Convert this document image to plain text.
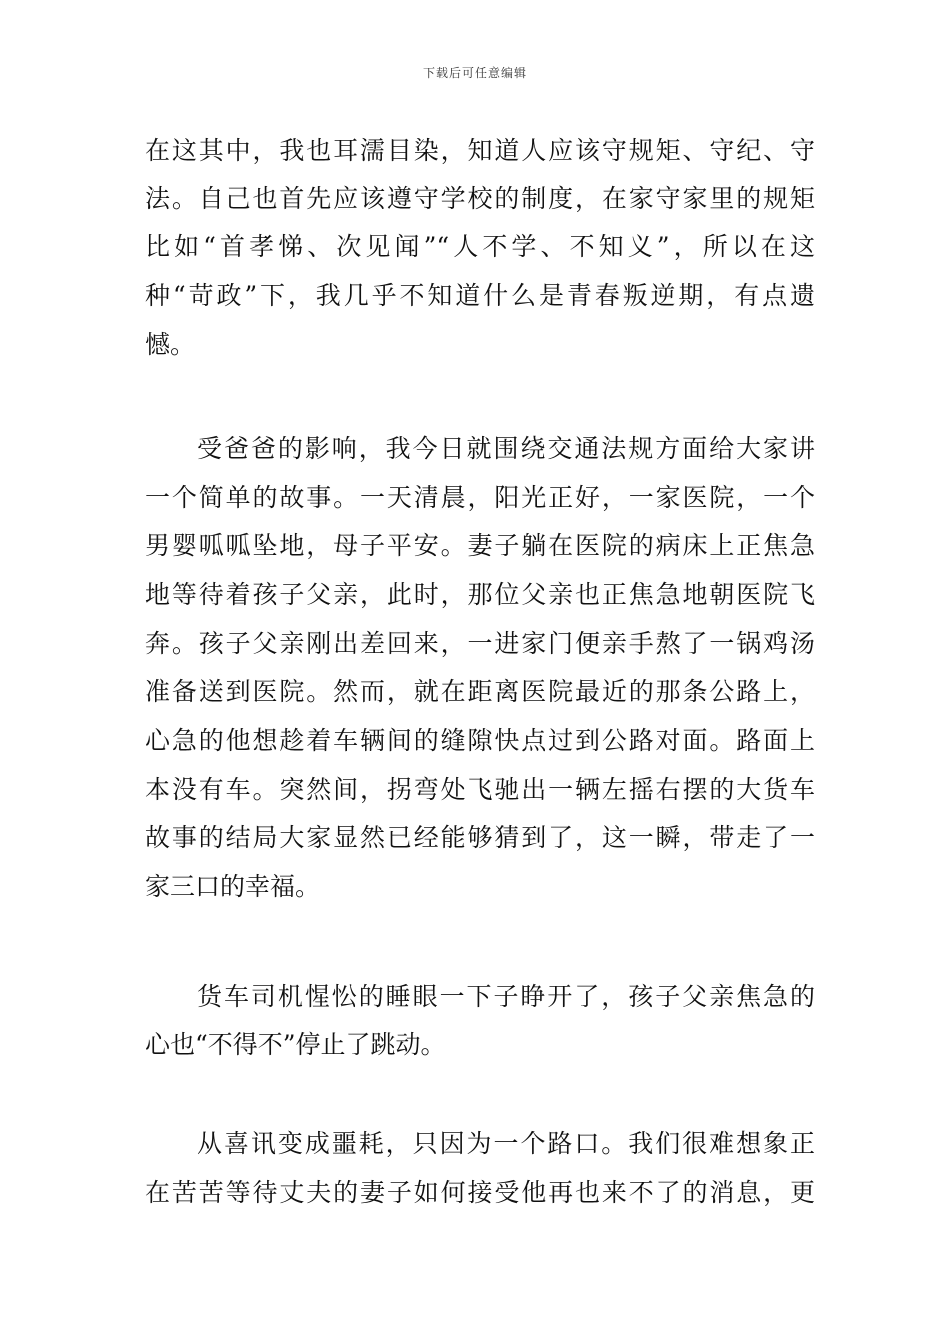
下载后可任意编辑
在这其中，我也耳濡目染，知道人应该守规矩、守纪、守
法。自己也首先应该遵守学校的制度，在家守家里的规矩
比如“首孝悌、次见闻”“人不学、不知义”，所以在这
种“苛政”下，我几乎不知道什么是青春叛逆期，有点遗
憾。
受爸爸的影响，我今日就围绕交通法规方面给大家讲
一个简单的故事。一天清晨，阳光正好，一家医院，一个
男婴呱呱坠地，母子平安。妻子躺在医院的病床上正焦急
地等待着孩子父亲，此时，那位父亲也正焦急地朝医院飞
奔。孩子父亲刚出差回来，一进家门便亲手熬了一锅鸡汤
准备送到医院。然而，就在距离医院最近的那条公路上，
心急的他想趁着车辆间的缝隙快点过到公路对面。路面上
本没有车。突然间，拐弯处飞驰出一辆左摇右摆的大货车
故事的结局大家显然已经能够猜到了，这一瞬，带走了一
家三口的幸福。
货车司机惺忪的睡眼一下子睁开了，孩子父亲焦急的
心也“不得不”停止了跳动。
从喜讯变成噩耗，只因为一个路口。我们很难想象正
在苦苦等待丈夫的妻子如何接受他再也来不了的消息，更
